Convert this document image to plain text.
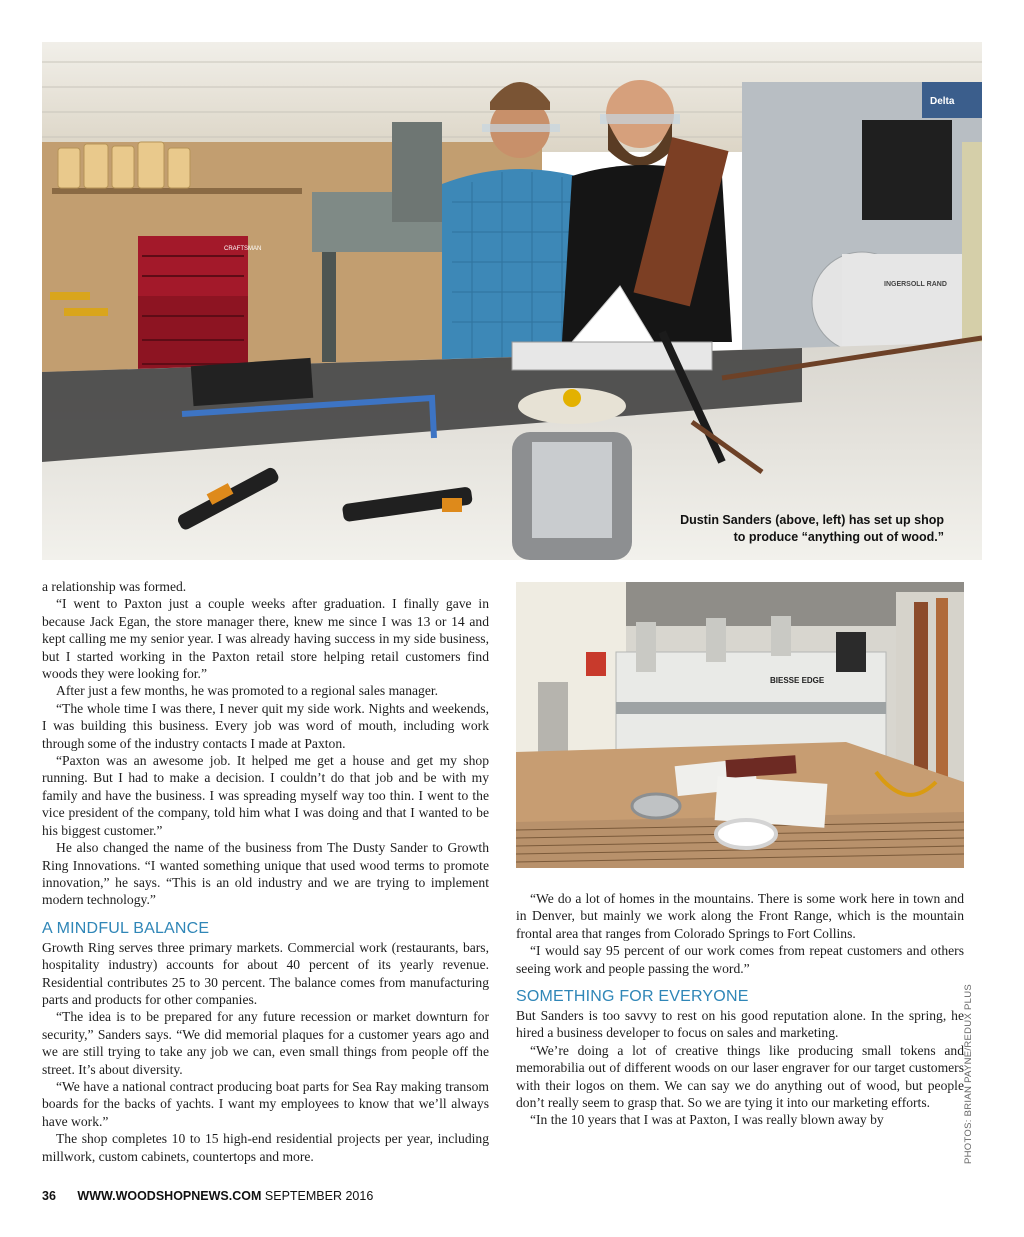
CRAFTSMAN
Delta
INGERSOLL RAND
Dustin Sanders (above, left) has set up shop
to produce “anything out of wood.”
BIESSE EDGE

a relationship was formed.

“I went to Paxton just a couple weeks after graduation. I finally gave in because Jack Egan, the store manager there, knew me since I was 13 or 14 and kept calling me my senior year. I was already having success in my side business, but I started working in the Paxton retail store helping retail customers find woods they were looking for.”

After just a few months, he was promoted to a regional sales manager.

“The whole time I was there, I never quit my side work. Nights and weekends, I was building this business. Every job was word of mouth, including work through some of the industry contacts I made at Paxton.

“Paxton was an awesome job. It helped me get a house and get my shop running. But I had to make a decision. I couldn’t do that job and be with my family and have the business. I was spreading myself way too thin. I went to the vice president of the company, told him what I was doing and that I wanted to be his biggest customer.”

He also changed the name of the business from The Dusty Sander to Growth Ring Innovations. “I wanted something unique that used wood terms to promote innovation,” he says. “This is an old industry and we are trying to implement modern technology.”

A MINDFUL BALANCE

Growth Ring serves three primary markets. Commercial work (restaurants, bars, hospitality industry) accounts for about 40 percent of its yearly revenue. Residential contributes 25 to 30 percent. The balance comes from manufacturing parts and products for other companies.

“The idea is to be prepared for any future recession or market downturn for security,” Sanders says. “We did memorial plaques for a customer years ago and we are still trying to take any job we can, even small things from people off the street. It’s about diversity.

“We have a national contract producing boat parts for Sea Ray making transom boards for the backs of yachts. I want my employees to know that we’ll always have work.”

The shop completes 10 to 15 high-end residential projects per year, including millwork, custom cabinets, countertops and more.

“We do a lot of homes in the mountains. There is some work here in town and in Denver, but mainly we work along the Front Range, which is the mountain frontal area that ranges from Colorado Springs to Fort Collins.

“I would say 95 percent of our work comes from repeat customers and others seeing work and people passing the word.”

SOMETHING FOR EVERYONE

But Sanders is too savvy to rest on his good reputation alone. In the spring, he hired a business developer to focus on sales and marketing.

“We’re doing a lot of creative things like producing small tokens and memorabilia out of different woods on our laser engraver for our target customers with their logos on them. We can say we do anything out of wood, but people don’t really seem to grasp that. So we are tying it into our marketing efforts.

“In the 10 years that I was at Paxton, I was really blown away by	PHOTOS: BRIAN PAYNE/REDUX PLUS
36 WWW.WOODSHOPNEWS.COM SEPTEMBER 2016
